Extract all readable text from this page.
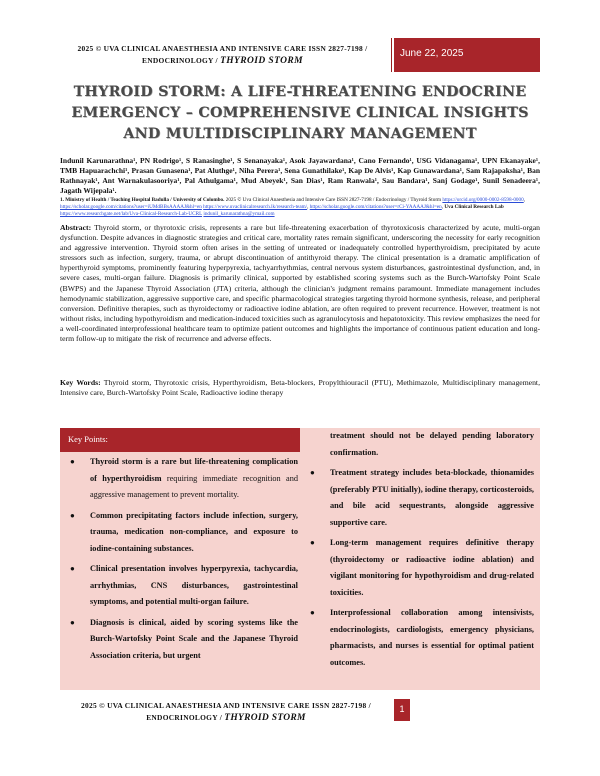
2025 © UVA CLINICAL ANAESTHESIA AND INTENSIVE CARE ISSN 2827-7198 /
ENDOCRINOLOGY / THYROID STORM
June 22, 2025
THYROID STORM: A LIFE-THREATENING ENDOCRINE EMERGENCY – COMPREHENSIVE CLINICAL INSIGHTS AND MULTIDISCIPLINARY MANAGEMENT
Indunil Karunarathna¹, PN Rodrigo¹, S Ranasinghe¹, S Senanayaka¹, Asok Jayawardana¹, Cano Fernando¹, USG Vidanagama¹, UPN Ekanayake¹, TMB Hapuarachchi¹, Prasan Gunasena¹, Pat Aluthge¹, Niha Perera¹, Sena Gunathilake¹, Kap De Alvis¹, Kap Gunawardana¹, Sam Rajapaksha¹, Ban Rathnayak¹, Ant Warnakulasooriya¹, Pal Athulgama¹, Mud Abeyek¹, San Dias¹, Ram Ranwala¹, Sau Bandara¹, Sanj Godage¹, Sunil Senadeera¹, Jagath Wijepala¹.
1. Ministry of Health / Teaching Hospital Badulla / University of Colombo. 2025 © Uva Clinical Anaesthesia and Intensive Care ISSN 2827-7198 / Endocrinology / Thyroid Storm https://orcid.org/0000-0002-8598-0000, https://scholar.google.com/citations?user=iUMdBBsAAAAJ&hl=en https://www.uvaclinicalresearch.lk/research-team/, https://scholar.google.com/citations?user=rCi-YAAAAJ&hl=en, Uva Clinical Research Lab https://www.researchgate.net/lab/Uva-Clinical-Research-Lab-UCRL indunil_karunarathna@ymail.com
Abstract: Thyroid storm, or thyrotoxic crisis, represents a rare but life-threatening exacerbation of thyrotoxicosis characterized by acute, multi-organ dysfunction. Despite advances in diagnostic strategies and critical care, mortality rates remain significant, underscoring the necessity for early recognition and aggressive intervention. Thyroid storm often arises in the setting of untreated or inadequately controlled hyperthyroidism, precipitated by acute stressors such as infection, surgery, trauma, or abrupt discontinuation of antithyroid therapy. The clinical presentation is a dramatic amplification of hyperthyroid symptoms, prominently featuring hyperpyrexia, tachyarrhythmias, central nervous system disturbances, gastrointestinal dysfunction, and, in severe cases, multi-organ failure. Diagnosis is primarily clinical, supported by established scoring systems such as the Burch-Wartofsky Point Scale (BWPS) and the Japanese Thyroid Association (JTA) criteria, although the clinician's judgment remains paramount. Immediate management includes hemodynamic stabilization, aggressive supportive care, and specific pharmacological strategies targeting thyroid hormone synthesis, release, and peripheral conversion. Definitive therapies, such as thyroidectomy or radioactive iodine ablation, are often required to prevent recurrence. However, treatment is not without risks, including hypothyroidism and medication-induced toxicities such as agranulocytosis and hepatotoxicity. This review emphasizes the need for a well-coordinated interprofessional healthcare team to optimize patient outcomes and highlights the importance of continuous patient education and long-term follow-up to mitigate the risk of recurrence and adverse effects.
Key Words: Thyroid storm, Thyrotoxic crisis, Hyperthyroidism, Beta-blockers, Propylthiouracil (PTU), Methimazole, Multidisciplinary management, Intensive care, Burch-Wartofsky Point Scale, Radioactive iodine therapy
Key Points:
● Thyroid storm is a rare but life-threatening complication of hyperthyroidism requiring immediate recognition and aggressive management to prevent mortality.
● Common precipitating factors include infection, surgery, trauma, medication non-compliance, and exposure to iodine-containing substances.
● Clinical presentation involves hyperpyrexia, tachycardia, arrhythmias, CNS disturbances, gastrointestinal symptoms, and potential multi-organ failure.
● Diagnosis is clinical, aided by scoring systems like the Burch-Wartofsky Point Scale and the Japanese Thyroid Association criteria, but urgent
treatment should not be delayed pending laboratory confirmation.
● Treatment strategy includes beta-blockade, thionamides (preferably PTU initially), iodine therapy, corticosteroids, and bile acid sequestrants, alongside aggressive supportive care.
● Long-term management requires definitive therapy (thyroidectomy or radioactive iodine ablation) and vigilant monitoring for hypothyroidism and drug-related toxicities.
● Interprofessional collaboration among intensivists, endocrinologists, cardiologists, emergency physicians, pharmacists, and nurses is essential for optimal patient outcomes.
2025 © UVA CLINICAL ANAESTHESIA AND INTENSIVE CARE ISSN 2827-7198 /
ENDOCRINOLOGY / THYROID STORM
1
